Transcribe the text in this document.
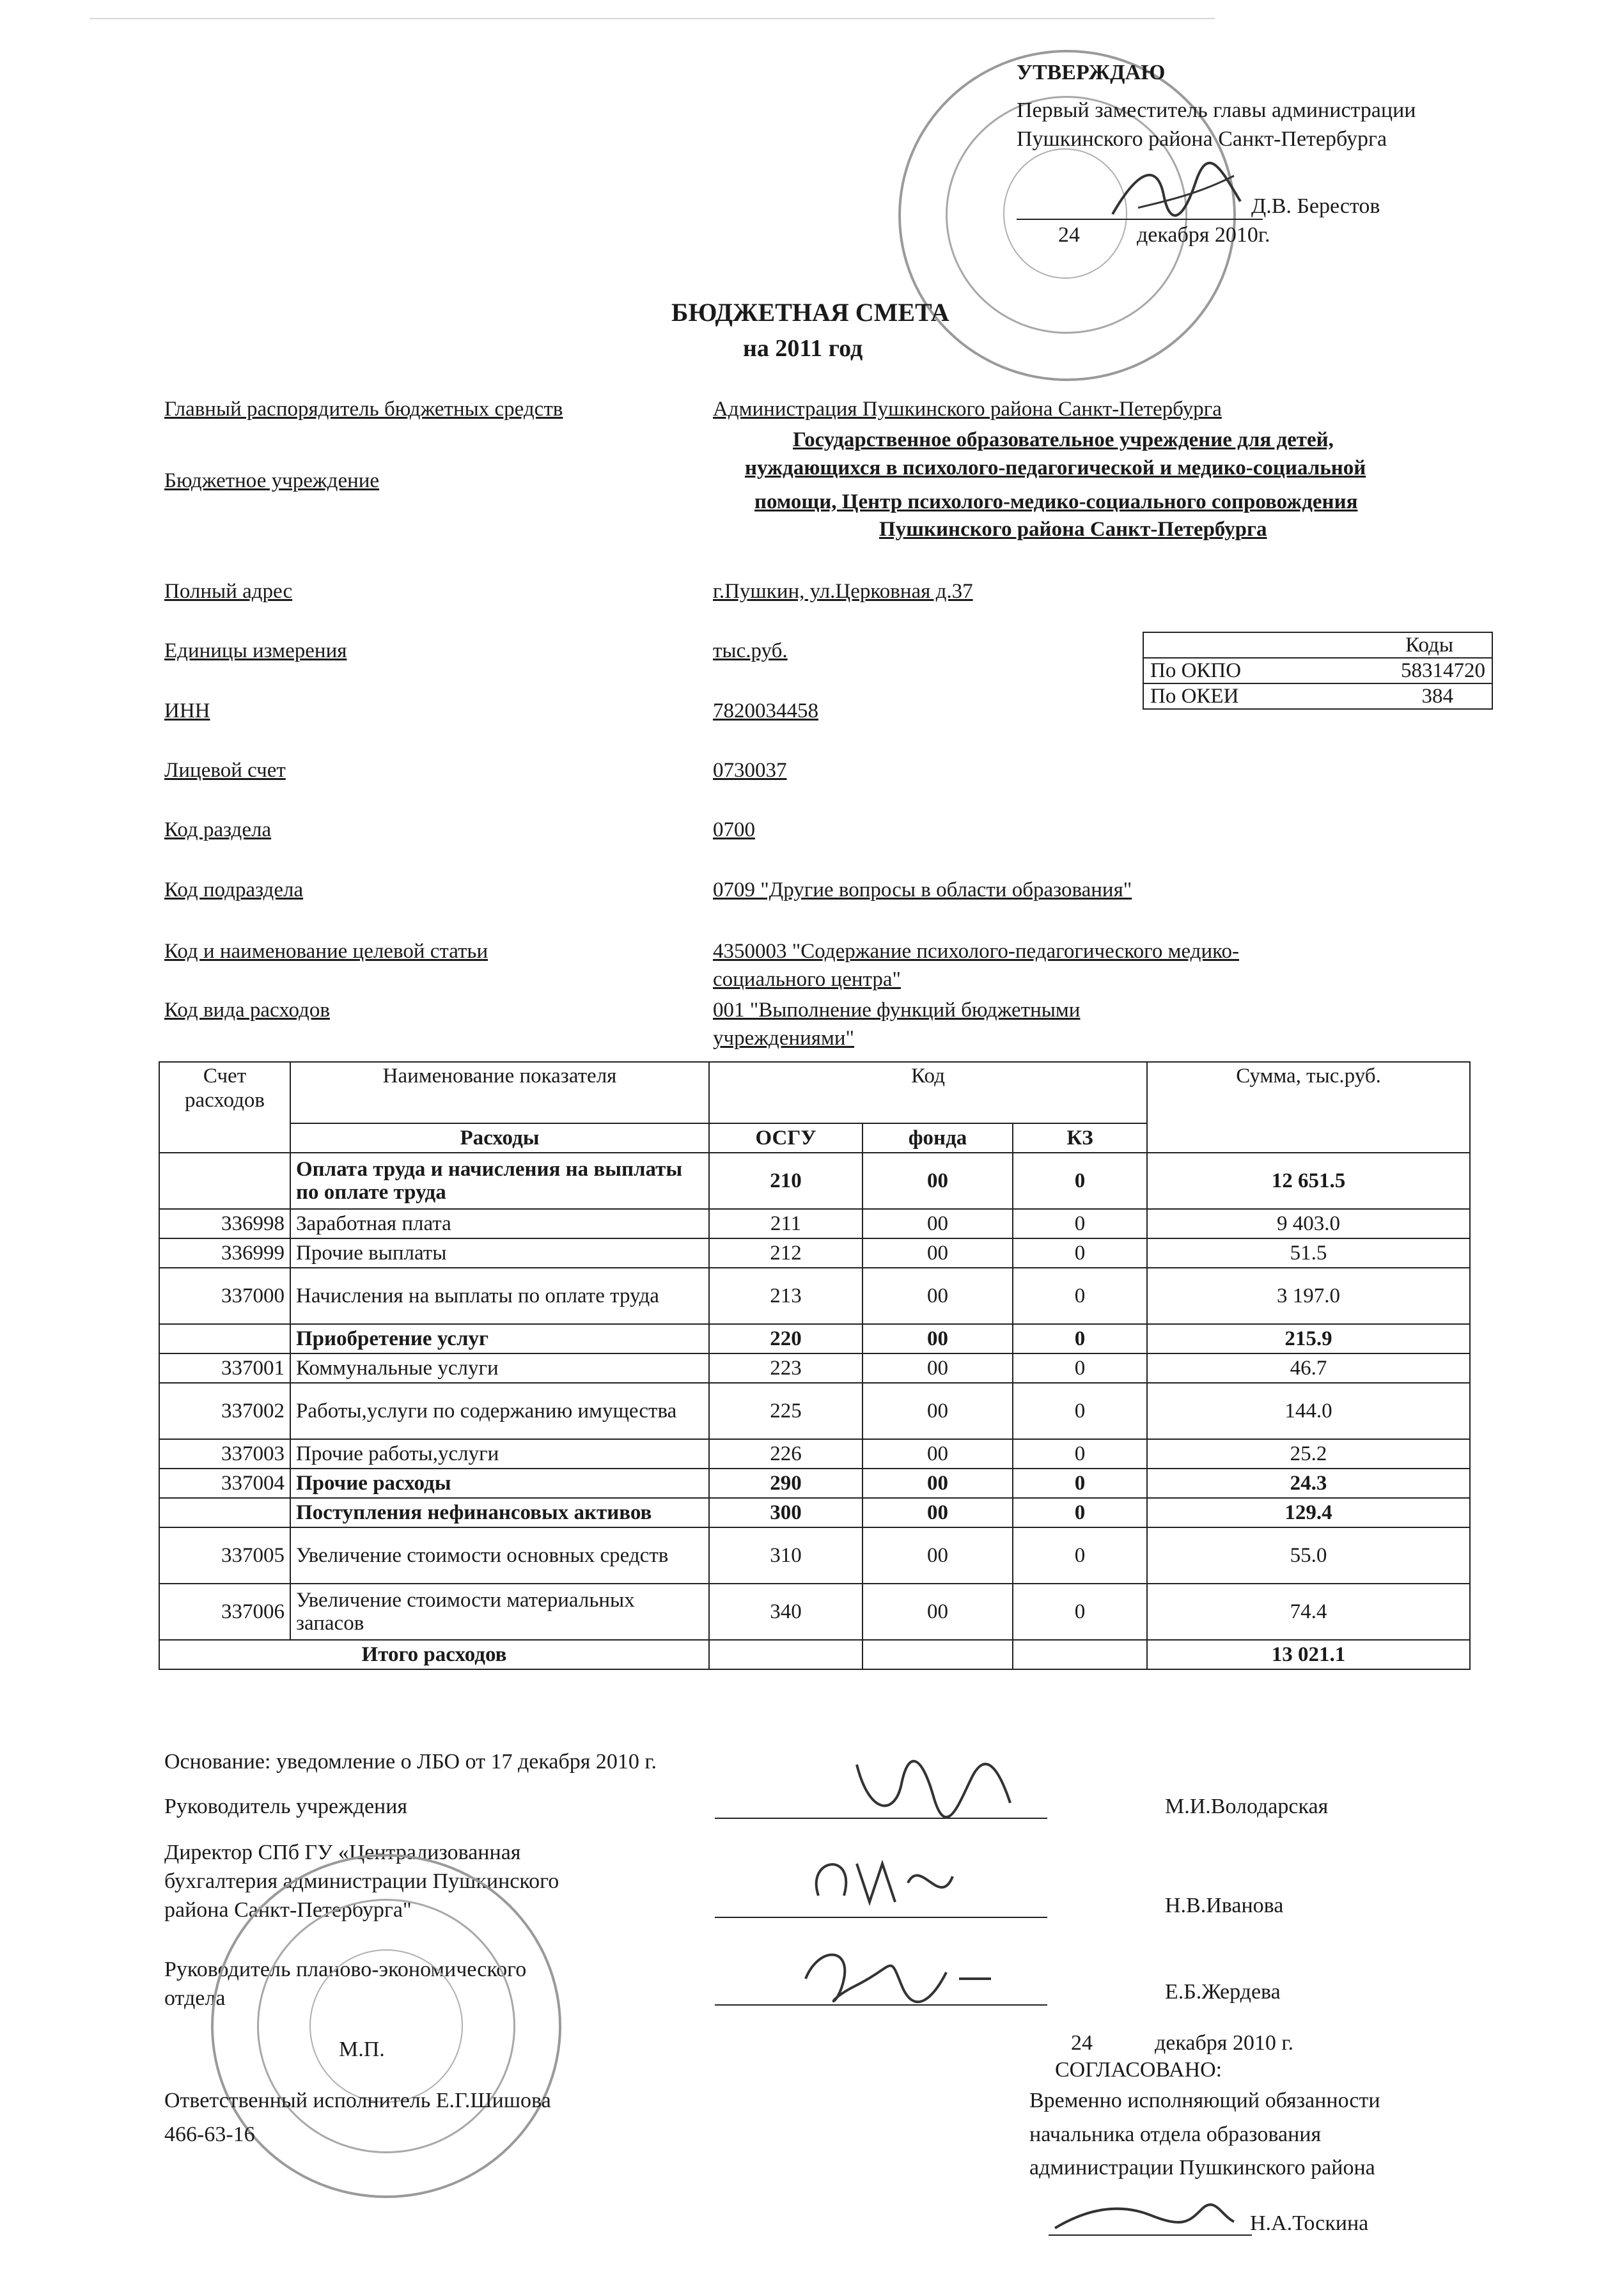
УТВЕРЖДАЮ
Первый заместитель главы администрации
Пушкинского района Санкт-Петербурга
Д.В. Берестов
24	декабря 2010г.
БЮДЖЕТНАЯ СМЕТА
на 2011 год
Главный распорядитель бюджетных средств	Администрация Пушкинского района Санкт-Петербурга
Бюджетное учреждение
Государственное образовательное учреждение для детей,
нуждающихся в психолого-педагогической и медико-социальной
помощи, Центр психолого-медико-социального сопровождения
Пушкинского района Санкт-Петербурга
Полный адрес	г.Пушкин, ул.Церковная д.37
Единицы измерения	тыс.руб.
ИНН	7820034458
Лицевой счет	0730037
Код раздела	0700
Код подраздела	0709 "Другие вопросы в области образования"
Код и наименование целевой статьи	4350003 "Содержание психолого-педагогического медико-
социального центра"
Код вида расходов	001 "Выполнение функций бюджетными
учреждениями"
Коды	
По ОКПО	58314720
По ОКЕИ	384
Счет расходов	Наименование показателя	Код			Сумма, тыс.руб.
	Расходы	ОСГУ	фонда	КЗ	
	Оплата труда и начисления на выплаты по оплате труда	210	00	0	12 651.5
336998	Заработная плата	211	00	0	9 403.0
336999	Прочие выплаты	212	00	0	51.5
337000	Начисления на выплаты по оплате труда	213	00	0	3 197.0
	Приобретение услуг	220	00	0	215.9
337001	Коммунальные услуги	223	00	0	46.7
337002	Работы,услуги по содержанию имущества	225	00	0	144.0
337003	Прочие работы,услуги	226	00	0	25.2
337004	Прочие расходы	290	00	0	24.3
	Поступления нефинансовых активов	300	00	0	129.4
337005	Увеличение стоимости основных средств	310	00	0	55.0
337006	Увеличение стоимости материальных запасов	340	00	0	74.4
Итого расходов					13 021.1
Основание: уведомление о ЛБО от 17 декабря 2010 г.
Руководитель учреждения	М.И.Володарская
Директор СПб ГУ «Централизованная
бухгалтерия администрации Пушкинского
района Санкт-Петербурга"	Н.В.Иванова
Руководитель планово-экономического
отдела	Е.Б.Жердева
М.П.	24	декабря 2010 г.
СОГЛАСОВАНО:
Временно исполняющий обязанности
начальника отдела образования
администрации Пушкинского района
Н.А.Тоскина
Ответственный исполнитель Е.Г.Шишова
466-63-16
